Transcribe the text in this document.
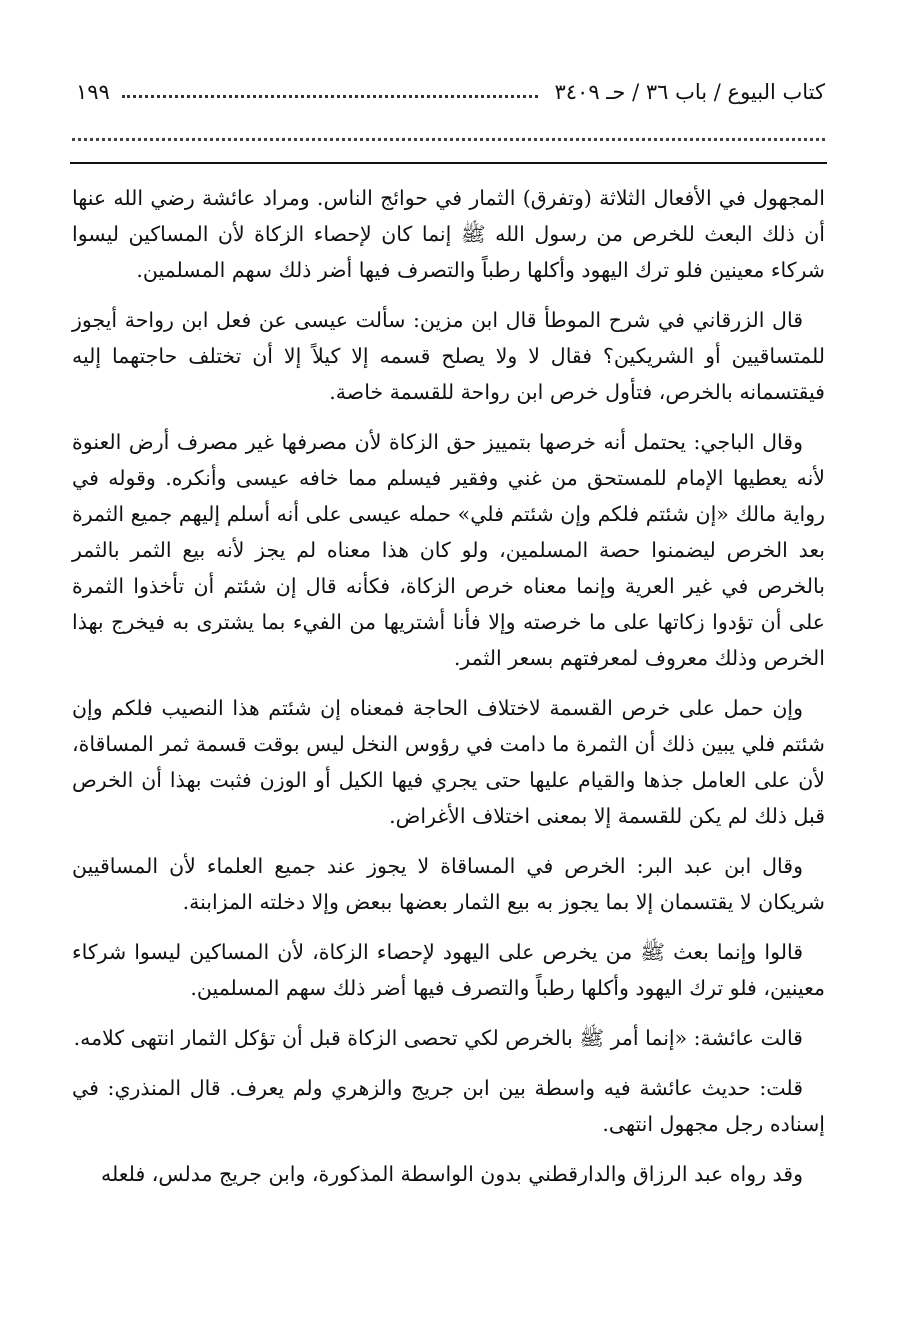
كتاب البيوع / باب ٣٦ / حـ ٣٤٠٩
١٩٩

المجهول في الأفعال الثلاثة (وتفرق) الثمار في حوائج الناس. ومراد عائشة رضي الله عنها أن ذلك البعث للخرص من رسول الله ﷺ إنما كان لإحصاء الزكاة لأن المساكين ليسوا شركاء معينين فلو ترك اليهود وأكلها رطباً والتصرف فيها أضر ذلك سهم المسلمين.

قال الزرقاني في شرح الموطأ قال ابن مزين: سألت عيسى عن فعل ابن رواحة أيجوز للمتساقيين أو الشريكين؟ فقال لا ولا يصلح قسمه إلا كيلاً إلا أن تختلف حاجتهما إليه فيقتسمانه بالخرص، فتأول خرص ابن رواحة للقسمة خاصة.

وقال الباجي: يحتمل أنه خرصها بتمييز حق الزكاة لأن مصرفها غير مصرف أرض العنوة لأنه يعطيها الإمام للمستحق من غني وفقير فيسلم مما خافه عيسى وأنكره. وقوله في رواية مالك «إن شئتم فلكم وإن شئتم فلي» حمله عيسى على أنه أسلم إليهم جميع الثمرة بعد الخرص ليضمنوا حصة المسلمين، ولو كان هذا معناه لم يجز لأنه بيع الثمر بالثمر بالخرص في غير العرية وإنما معناه خرص الزكاة، فكأنه قال إن شئتم أن تأخذوا الثمرة على أن تؤدوا زكاتها على ما خرصته وإلا فأنا أشتريها من الفيء بما يشترى به فيخرج بهذا الخرص وذلك معروف لمعرفتهم بسعر الثمر.

وإن حمل على خرص القسمة لاختلاف الحاجة فمعناه إن شئتم هذا النصيب فلكم وإن شئتم فلي يبين ذلك أن الثمرة ما دامت في رؤوس النخل ليس بوقت قسمة ثمر المساقاة، لأن على العامل جذها والقيام عليها حتى يجري فيها الكيل أو الوزن فثبت بهذا أن الخرص قبل ذلك لم يكن للقسمة إلا بمعنى اختلاف الأغراض.

وقال ابن عبد البر: الخرص في المساقاة لا يجوز عند جميع العلماء لأن المساقيين شريكان لا يقتسمان إلا بما يجوز به بيع الثمار بعضها ببعض وإلا دخلته المزابنة.

قالوا وإنما بعث ﷺ من يخرص على اليهود لإحصاء الزكاة، لأن المساكين ليسوا شركاء معينين، فلو ترك اليهود وأكلها رطباً والتصرف فيها أضر ذلك سهم المسلمين.

قالت عائشة: «إنما أمر ﷺ بالخرص لكي تحصى الزكاة قبل أن تؤكل الثمار انتهى كلامه.

قلت: حديث عائشة فيه واسطة بين ابن جريج والزهري ولم يعرف. قال المنذري: في إسناده رجل مجهول انتهى.

وقد رواه عبد الرزاق والدارقطني بدون الواسطة المذكورة، وابن جريج مدلس، فلعله
